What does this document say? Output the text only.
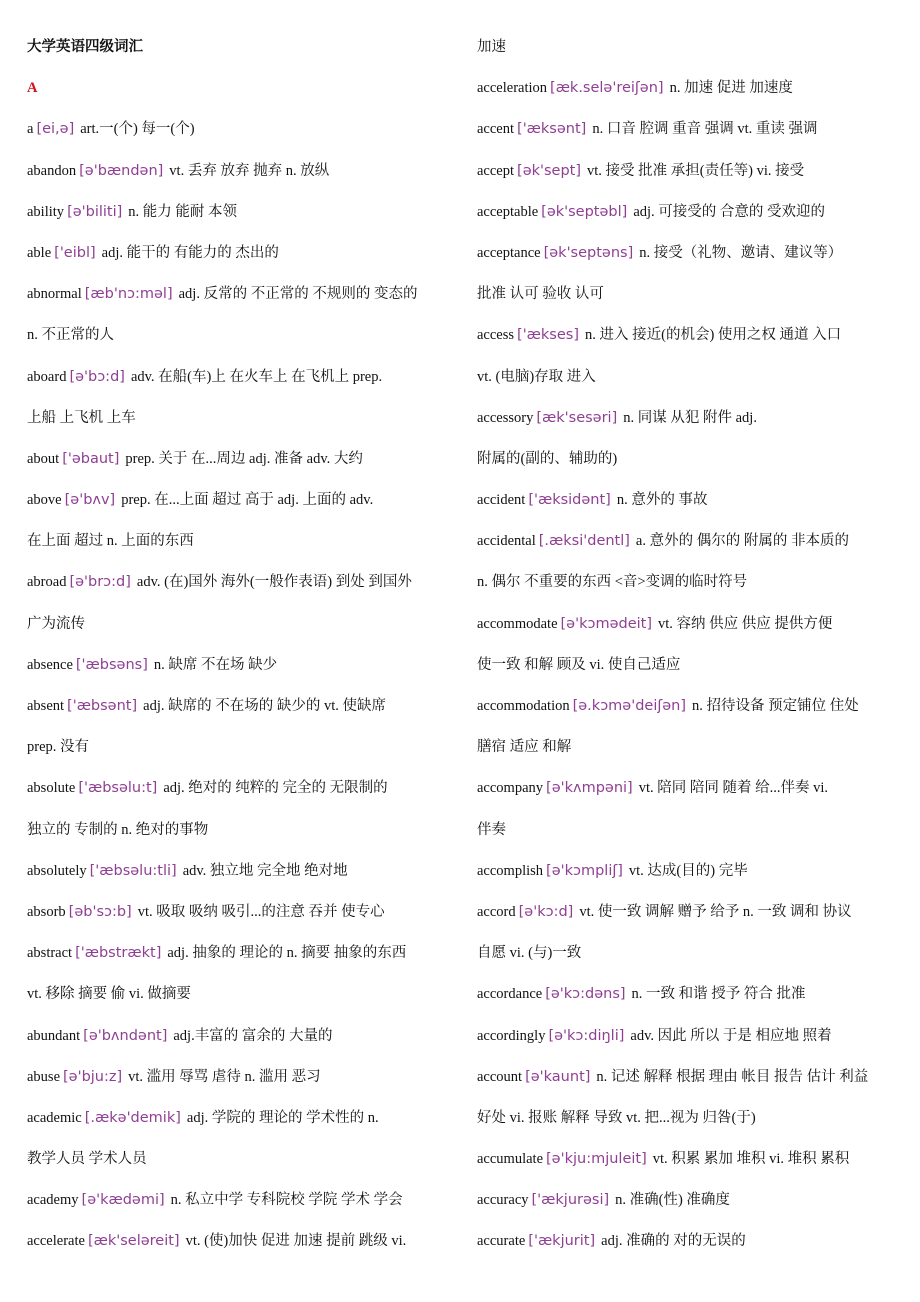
大学英语四级词汇
A
a [ei,ə] art.一(个) 每一(个)
abandon [ə'bændən] vt. 丢弃 放弃 抛弃 n. 放纵
ability [ə'biliti] n. 能力 能耐 本领
able ['eibl] adj. 能干的 有能力的 杰出的
abnormal [æb'nɔ:məl] adj. 反常的 不正常的 不规则的 变态的
n. 不正常的人
aboard [ə'bɔ:d] adv. 在船(车)上 在火车上 在飞机上 prep.
上船 上飞机 上车
about ['əbaut] prep. 关于 在...周边 adj. 准备 adv. 大约
above [ə'bʌv] prep. 在...上面 超过 高于 adj. 上面的 adv.
在上面 超过 n. 上面的东西
abroad [ə'brɔ:d] adv. (在)国外 海外(一般作表语) 到处 到国外
广为流传
absence ['æbsəns] n. 缺席 不在场 缺少
absent ['æbsənt] adj. 缺席的 不在场的 缺少的 vt. 使缺席
prep. 没有
absolute ['æbsəlu:t] adj. 绝对的 纯粹的 完全的 无限制的
独立的 专制的 n. 绝对的事物
absolutely ['æbsəlu:tli] adv. 独立地 完全地 绝对地
absorb [əb'sɔ:b] vt. 吸取 吸纳 吸引...的注意 吞并 使专心
abstract ['æbstrækt] adj. 抽象的 理论的 n. 摘要 抽象的东西
vt. 移除 摘要 偷 vi. 做摘要
abundant [ə'bʌndənt] adj.丰富的 富余的 大量的
abuse [ə'bju:z] vt. 滥用 辱骂 虐待 n. 滥用 恶习
academic [.ækə'demik] adj. 学院的 理论的 学术性的 n.
教学人员 学术人员
academy [ə'kædəmi] n. 私立中学 专科院校 学院 学术 学会
accelerate [æk'seləreit] vt. (使)加快 促进 加速 提前 跳级 vi.
加速
acceleration [æk.selə'reiʃən] n. 加速 促进 加速度
accent ['æksənt] n. 口音 腔调 重音 强调 vt. 重读 强调
accept [ək'sept] vt. 接受 批准 承担(责任等) vi. 接受
acceptable [ək'septəbl] adj. 可接受的 合意的 受欢迎的
acceptance [ək'septəns] n. 接受（礼物、邀请、建议等）
批准 认可 验收 认可
access ['ækses] n. 进入 接近(的机会) 使用之权 通道 入口
vt. (电脑)存取 进入
accessory [æk'sesəri] n. 同谋 从犯 附件 adj.
附属的(副的、辅助的)
accident ['æksidənt] n. 意外的 事故
accidental [.æksi'dentl] a. 意外的 偶尔的 附属的 非本质的
n. 偶尔 不重要的东西 <音>变调的临时符号
accommodate [ə'kɔmədeit] vt. 容纳 供应 供应 提供方便
使一致 和解 顾及 vi. 使自己适应
accommodation [ə.kɔmə'deiʃən] n. 招待设备 预定铺位 住处
膳宿 适应 和解
accompany [ə'kʌmpəni] vt. 陪同 陪同 随着 给...伴奏 vi.
伴奏
accomplish [ə'kɔmpliʃ] vt. 达成(目的) 完毕
accord [ə'kɔ:d] vt. 使一致 调解 赠予 给予 n. 一致 调和 协议
自愿 vi. (与)一致
accordance [ə'kɔ:dəns] n. 一致 和谐 授予 符合 批准
accordingly [ə'kɔ:diŋli] adv. 因此 所以 于是 相应地 照着
account [ə'kaunt] n. 记述 解释 根据 理由 帐目 报告 估计 利益
好处 vi. 报账 解释 导致 vt. 把...视为 归咎(于)
accumulate [ə'kju:mjuleit] vt. 积累 累加 堆积 vi. 堆积 累积
accuracy ['ækjurəsi] n. 准确(性) 准确度
accurate ['ækjurit] adj. 准确的 对的无误的
